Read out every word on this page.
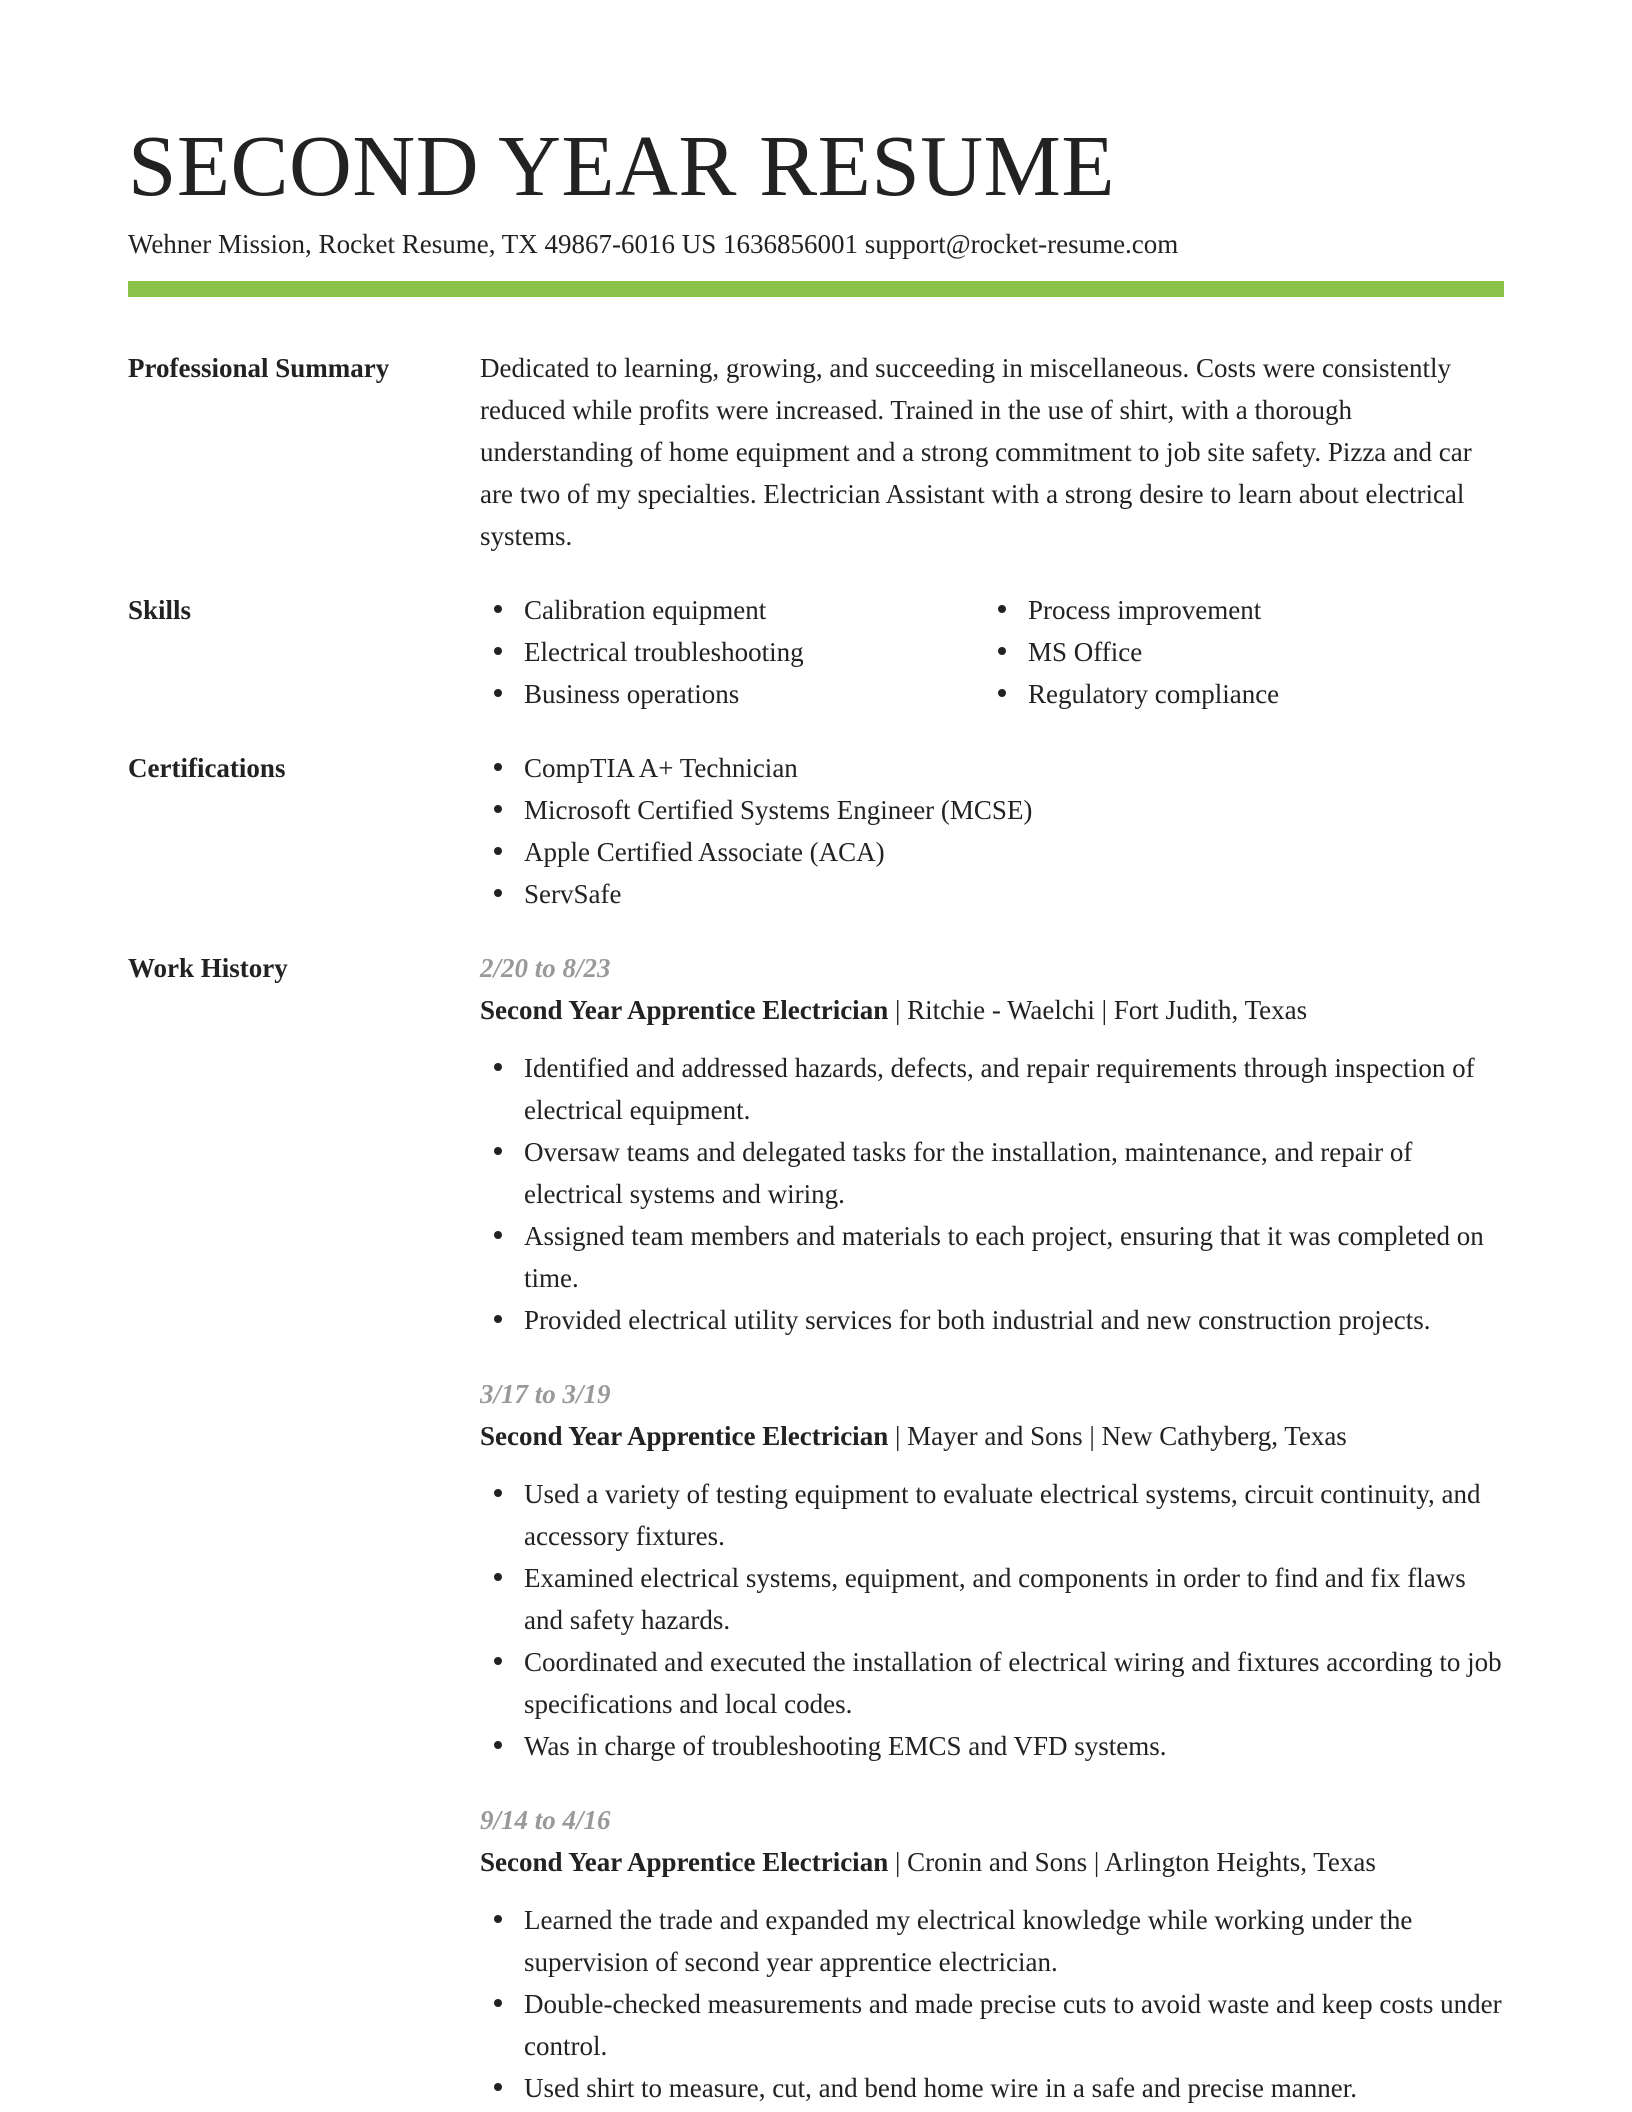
SECOND YEAR RESUME
Wehner Mission, Rocket Resume, TX 49867-6016 US 1636856001 support@rocket-resume.com
Professional Summary	Dedicated to learning, growing, and succeeding in miscellaneous. Costs were consistently reduced while profits were increased. Trained in the use of shirt, with a thorough understanding of home equipment and a strong commitment to job site safety. Pizza and car are two of my specialties. Electrician Assistant with a strong desire to learn about electrical systems.
Skills	Calibration equipment
Electrical troubleshooting
Business operations
Process improvement
MS Office
Regulatory compliance
Certifications	CompTIA A+ Technician
Microsoft Certified Systems Engineer (MCSE)
Apple Certified Associate (ACA)
ServSafe
Work History	2/20 to 8/23
Second Year Apprentice Electrician | Ritchie - Waelchi | Fort Judith, Texas
Identified and addressed hazards, defects, and repair requirements through inspection of electrical equipment.
Oversaw teams and delegated tasks for the installation, maintenance, and repair of electrical systems and wiring.
Assigned team members and materials to each project, ensuring that it was completed on time.
Provided electrical utility services for both industrial and new construction projects.
3/17 to 3/19
Second Year Apprentice Electrician | Mayer and Sons | New Cathyberg, Texas
Used a variety of testing equipment to evaluate electrical systems, circuit continuity, and accessory fixtures.
Examined electrical systems, equipment, and components in order to find and fix flaws and safety hazards.
Coordinated and executed the installation of electrical wiring and fixtures according to job specifications and local codes.
Was in charge of troubleshooting EMCS and VFD systems.
9/14 to 4/16
Second Year Apprentice Electrician | Cronin and Sons | Arlington Heights, Texas
Learned the trade and expanded my electrical knowledge while working under the supervision of second year apprentice electrician.
Double-checked measurements and made precise cuts to avoid waste and keep costs under control.
Used shirt to measure, cut, and bend home wire in a safe and precise manner.
